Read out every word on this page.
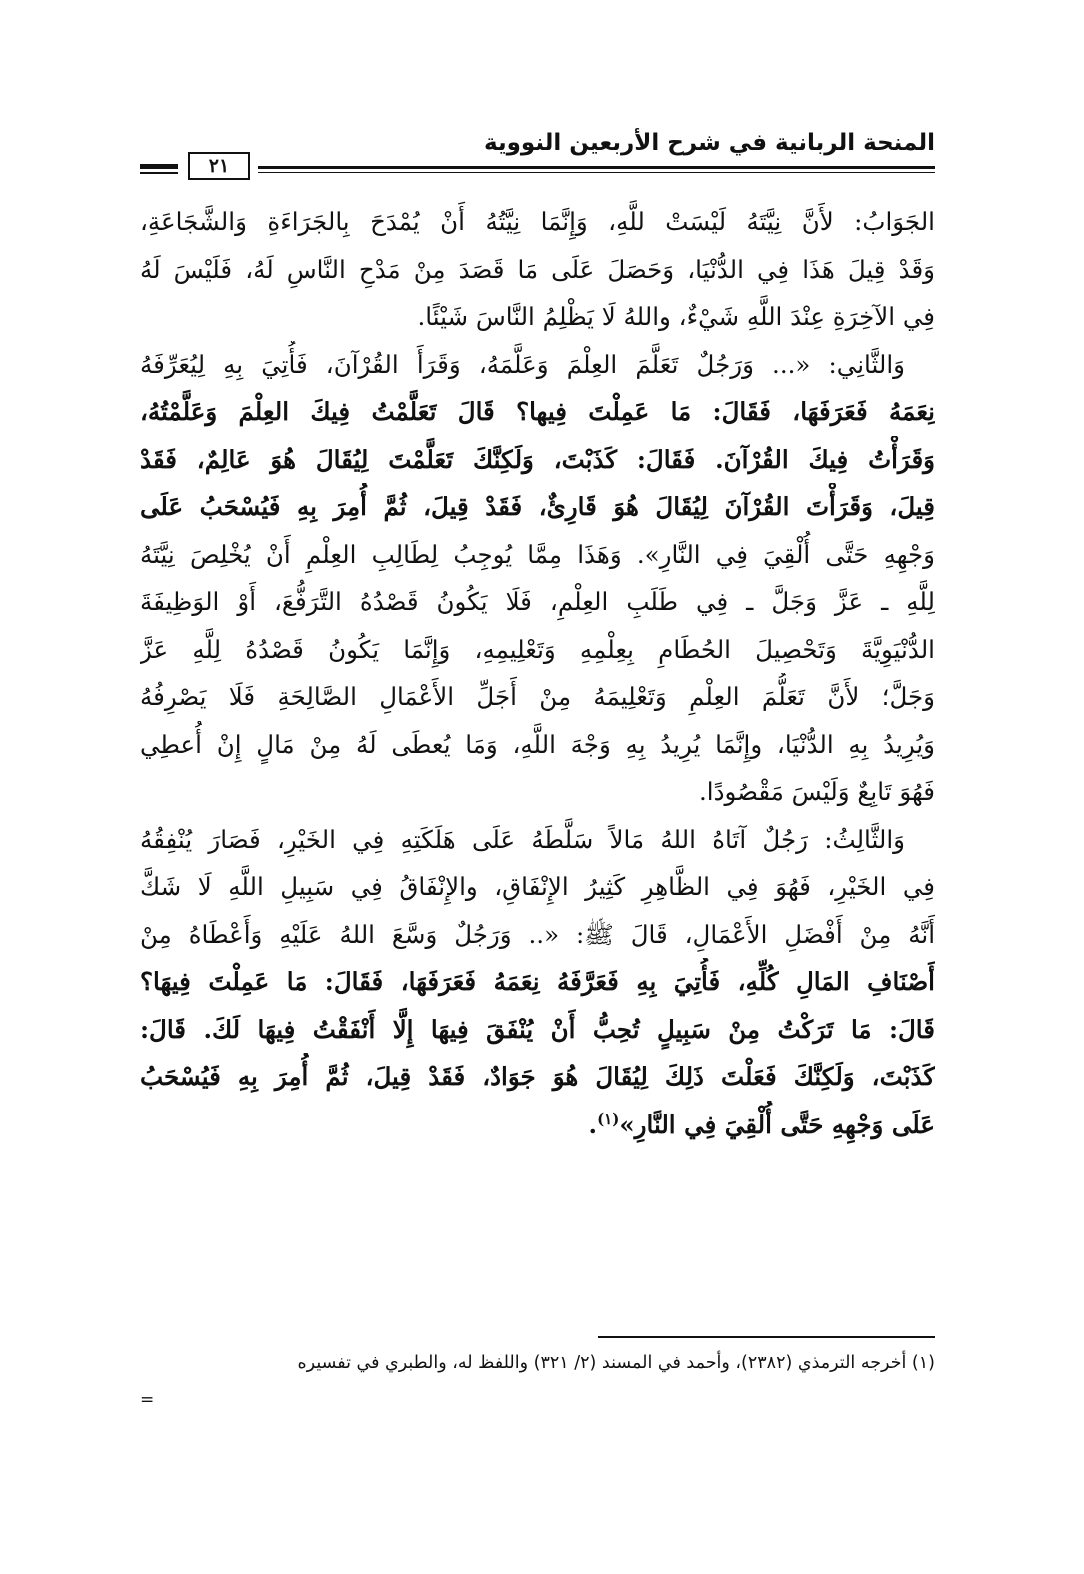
المنحة الربانية في شرح الأربعين النووية
٢١
الجَوَابُ: لأَنَّ نِيَّتَهُ لَيْسَتْ للَّهِ، وَإِنَّمَا نِيَّتُهُ أَنْ يُمْدَحَ بِالجَرَاءَةِ وَالشَّجَاعَةِ،
وَقَدْ قِيلَ هَذَا فِي الدُّنْيَا، وَحَصَلَ عَلَى مَا قَصَدَ مِنْ مَدْحِ النَّاسِ لَهُ، فَلَيْسَ لَهُ
فِي الآخِرَةِ عِنْدَ اللَّهِ شَيْءٌ، واللهُ لَا يَظْلِمُ النَّاسَ شَيْئًا.
وَالثَّانِي: «... وَرَجُلٌ تَعَلَّمَ العِلْمَ وَعَلَّمَهُ، وَقَرَأَ القُرْآنَ، فَأُتِيَ بِهِ لِيُعَرِّفَهُ
نِعَمَهُ فَعَرَفَهَا، فَقَالَ: مَا عَمِلْتَ فِيها؟ قَالَ تَعَلَّمْتُ فِيكَ العِلْمَ وَعَلَّمْتُهُ،
وَقَرَأْتُ فِيكَ القُرْآنَ. فَقَالَ: كَذَبْتَ، وَلَكِنَّكَ تَعَلَّمْتَ لِيُقَالَ هُوَ عَالِمٌ، فَقَدْ
قِيلَ، وَقَرَأْتَ القُرْآنَ لِيُقَالَ هُوَ قَارِئٌ، فَقَدْ قِيلَ، ثُمَّ أُمِرَ بِهِ فَيُسْحَبُ عَلَى
وَجْهِهِ حَتَّى أُلْقِيَ فِي النَّارِ». وَهَذَا مِمَّا يُوجِبُ لِطَالِبِ العِلْمِ أَنْ يُخْلِصَ نِيَّتَهُ
لِلَّهِ ـ عَزَّ وَجَلَّ ـ فِي طَلَبِ العِلْمِ، فَلَا يَكُونُ قَصْدُهُ التَّرَفُّعَ، أَوْ الوَظِيفَةَ
الدُّنْيَوِيَّةَ وَتَحْصِيلَ الحُطَامِ بِعِلْمِهِ وَتَعْلِيمِهِ، وَإِنَّمَا يَكُونُ قَصْدُهُ لِلَّهِ عَزَّ
وَجَلَّ؛ لأَنَّ تَعَلُّمَ العِلْمِ وَتَعْلِيمَهُ مِنْ أَجَلِّ الأَعْمَالِ الصَّالِحَةِ فَلَا يَصْرِفُهُ
وَيُرِيدُ بِهِ الدُّنْيَا، وإِنَّمَا يُرِيدُ بِهِ وَجْهَ اللَّهِ، وَمَا يُعطَى لَهُ مِنْ مَالٍ إِنْ أُعطِي
فَهُوَ تَابِعٌ وَلَيْسَ مَقْصُودًا.
وَالثَّالِثُ: رَجُلٌ آتَاهُ اللهُ مَالاً سَلَّطَهُ عَلَى هَلَكَتِهِ فِي الخَيْرِ، فَصَارَ يُنْفِقُهُ
فِي الخَيْرِ، فَهُوَ فِي الظَّاهِرِ كَثِيرُ الإِنْفَاقِ، والإِنْفَاقُ فِي سَبِيلِ اللَّهِ لَا شَكَّ
أَنَّهُ مِنْ أَفْضَلِ الأَعْمَالِ، قَالَ ﷺ: «.. وَرَجُلٌ وَسَّعَ اللهُ عَلَيْهِ وَأَعْطَاهُ مِنْ
أَصْنَافِ المَالِ كُلِّهِ، فَأُتِيَ بِهِ فَعَرَّفَهُ نِعَمَهُ فَعَرَفَهَا، فَقَالَ: مَا عَمِلْتَ فِيهَا؟
قَالَ: مَا تَرَكْتُ مِنْ سَبِيلٍ تُحِبُّ أَنْ يُنْفَقَ فِيهَا إِلَّا أَنْفَقْتُ فِيهَا لَكَ. قَالَ:
كَذَبْتَ، وَلَكِنَّكَ فَعَلْتَ ذَلِكَ لِيُقَالَ هُوَ جَوَادٌ، فَقَدْ قِيلَ، ثُمَّ أُمِرَ بِهِ فَيُسْحَبُ
عَلَى وَجْهِهِ حَتَّى أُلْقِيَ فِي النَّارِ»$^{(١)}$.
(١) أخرجه الترمذي (٢٣٨٢)، وأحمد في المسند (٢/ ٣٢١) واللفظ له، والطبري في تفسيره
=
